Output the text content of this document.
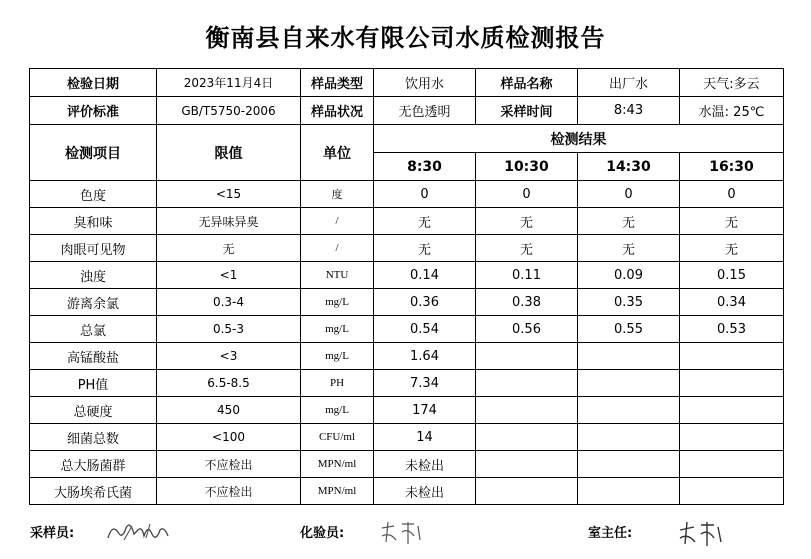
衡南县自来水有限公司水质检测报告
检验日期	2023年11月4日	样品类型	饮用水	样品名称	出厂水	天气:多云
评价标准	GB/T5750-2006	样品状况	无色透明	采样时间	8:43	水温: 25℃
检测项目	限值	单位	检测结果			
			8:30	10:30	14:30	16:30
色度	<15	度	0	0	0	0
臭和味	无异味异臭	/	无	无	无	无
肉眼可见物	无	/	无	无	无	无
浊度	<1	NTU	0.14	0.11	0.09	0.15
游离余氯	0.3-4	mg/L	0.36	0.38	0.35	0.34
总氯	0.5-3	mg/L	0.54	0.56	0.55	0.53
高锰酸盐	<3	mg/L	1.64			
PH值	6.5-8.5	PH	7.34			
总硬度	450	mg/L	174			
细菌总数	<100	CFU/ml	14			
总大肠菌群	不应检出	MPN/ml	未检出			
大肠埃希氏菌	不应检出	MPN/ml	未检出			
采样员:	化验员:	室主任:
